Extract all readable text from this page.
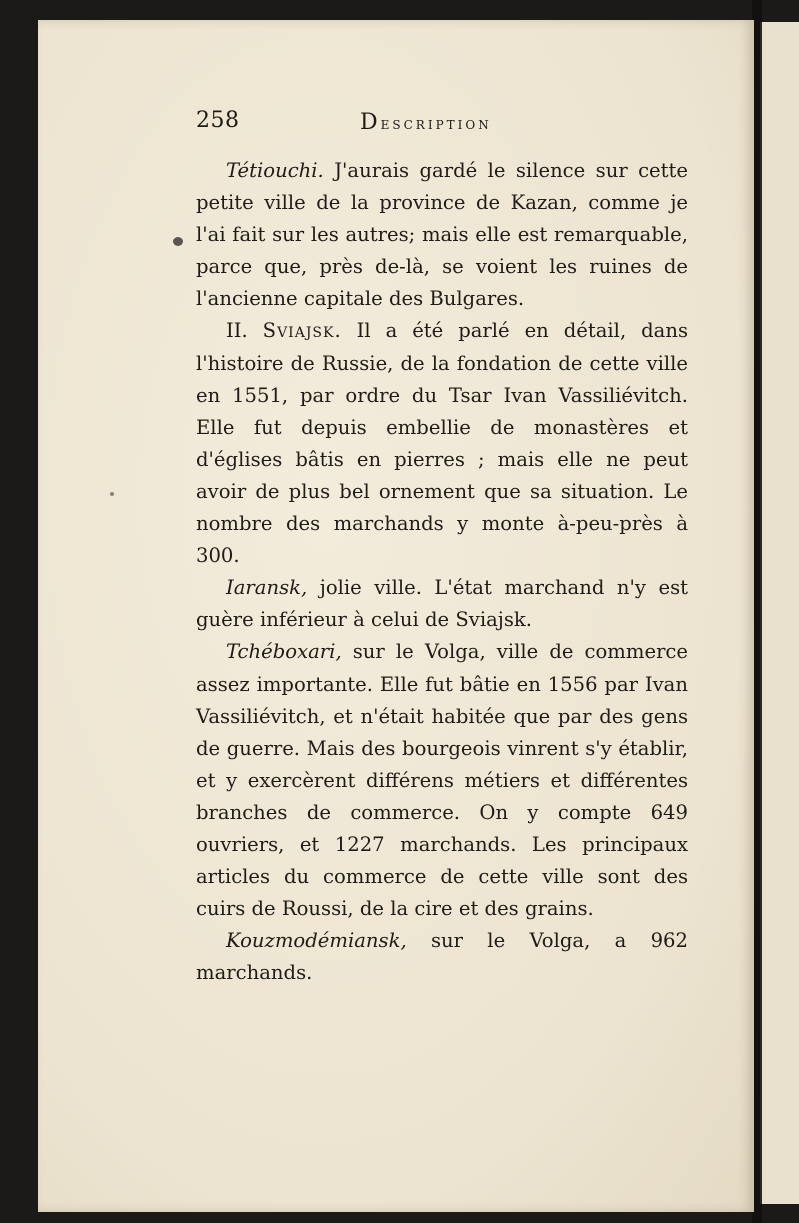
258	Description

Tétiouchi. J'aurais gardé le silence sur cette petite ville de la province de Kazan, comme je l'ai fait sur les autres; mais elle est remarquable, parce que, près de-là, se voient les ruines de l'ancienne capitale des Bulgares.

II. Sviajsk. Il a été parlé en détail, dans l'histoire de Russie, de la fondation de cette ville en 1551, par ordre du Tsar Ivan Vassiliévitch. Elle fut depuis embellie de monastères et d'églises bâtis en pierres ; mais elle ne peut avoir de plus bel ornement que sa situation. Le nombre des marchands y monte à-peu-près à 300.

Iaransk, jolie ville. L'état marchand n'y est guère inférieur à celui de Sviajsk.

Tchéboxari, sur le Volga, ville de commerce assez importante. Elle fut bâtie en 1556 par Ivan Vassiliévitch, et n'était habitée que par des gens de guerre. Mais des bourgeois vinrent s'y établir, et y exercèrent différens métiers et différentes branches de commerce. On y compte 649 ouvriers, et 1227 marchands. Les principaux articles du commerce de cette ville sont des cuirs de Roussi, de la cire et des grains.

Kouzmodémiansk, sur le Volga, a 962 marchands.
